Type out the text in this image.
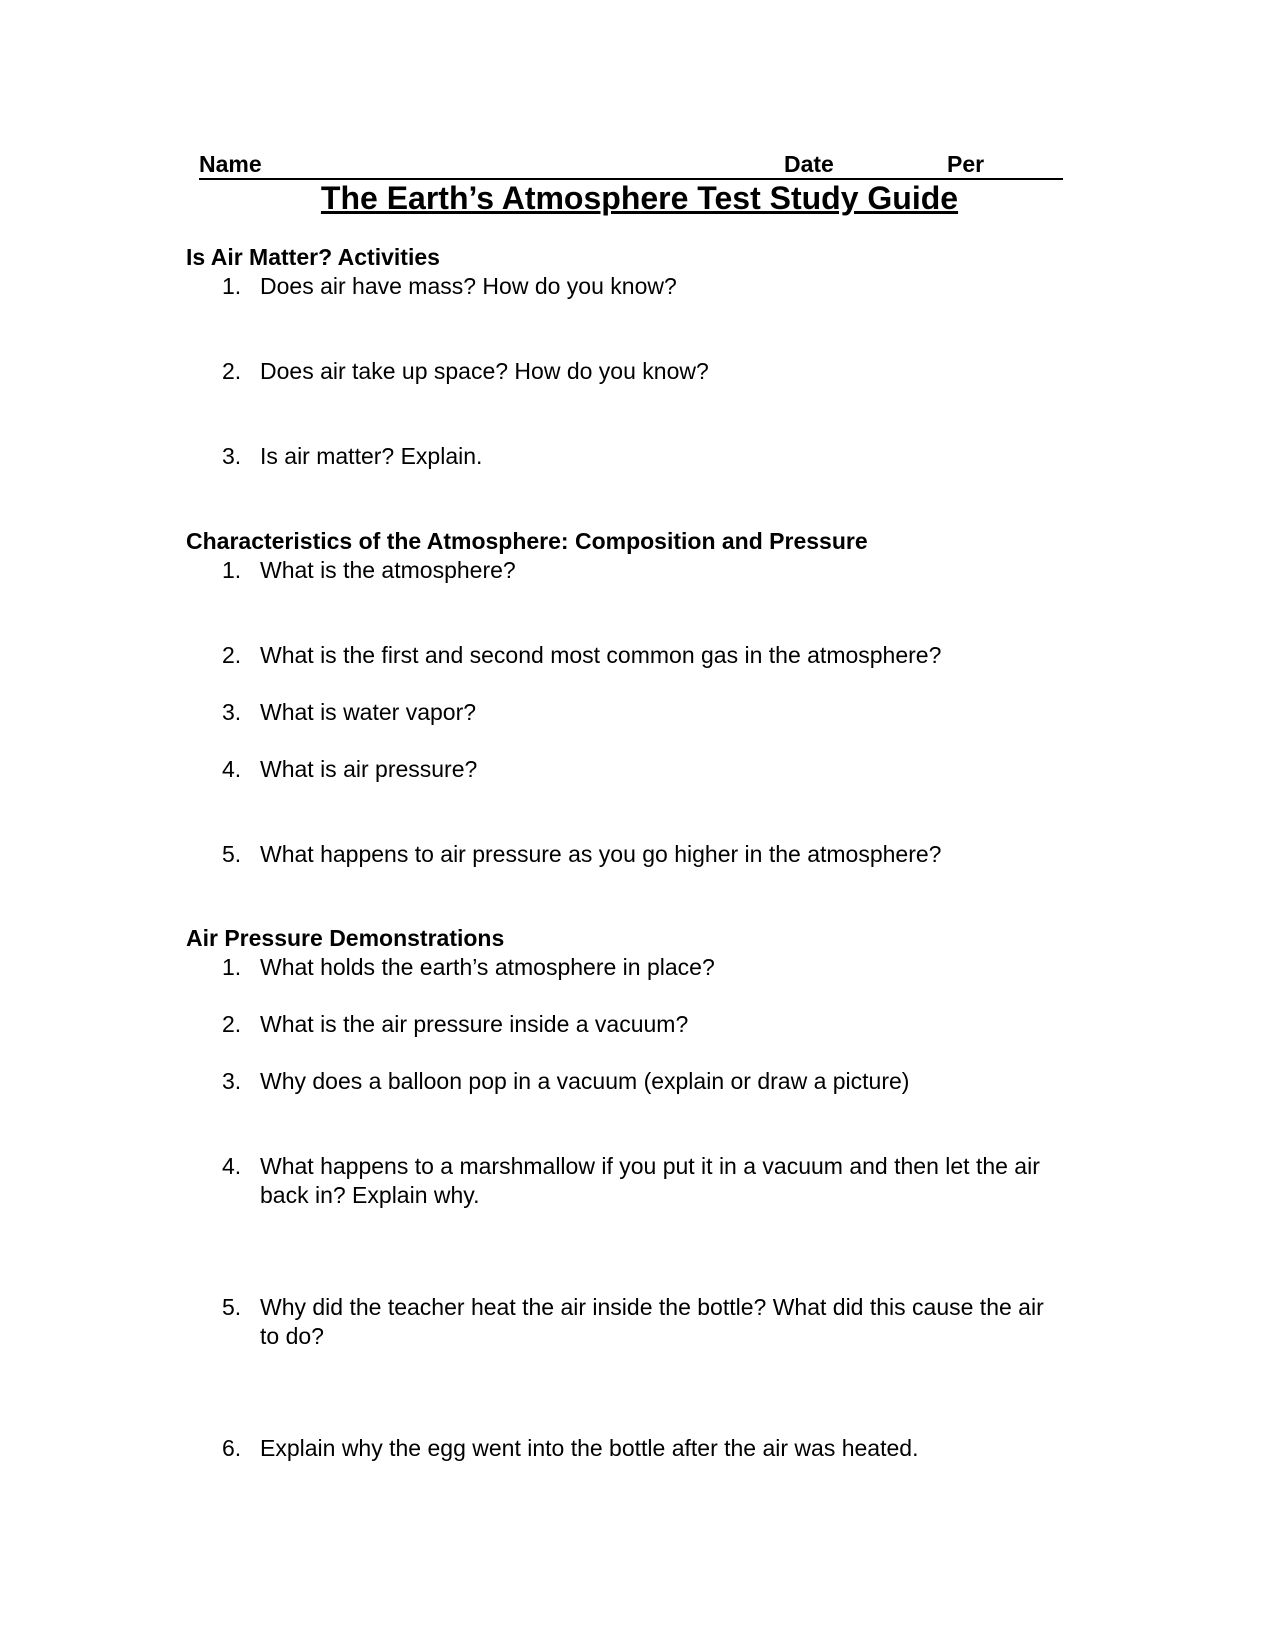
Name	Date	Per
The Earth’s Atmosphere Test Study Guide
Is Air Matter? Activities
1. Does air have mass? How do you know?
2. Does air take up space? How do you know?
3. Is air matter? Explain.
Characteristics of the Atmosphere: Composition and Pressure
1. What is the atmosphere?
2. What is the first and second most common gas in the atmosphere?
3. What is water vapor?
4. What is air pressure?
5. What happens to air pressure as you go higher in the atmosphere?
Air Pressure Demonstrations
1. What holds the earth’s atmosphere in place?
2. What is the air pressure inside a vacuum?
3. Why does a balloon pop in a vacuum (explain or draw a picture)
4. What happens to a marshmallow if you put it in a vacuum and then let the air back in? Explain why.
5. Why did the teacher heat the air inside the bottle? What did this cause the air to do?
6. Explain why the egg went into the bottle after the air was heated.
